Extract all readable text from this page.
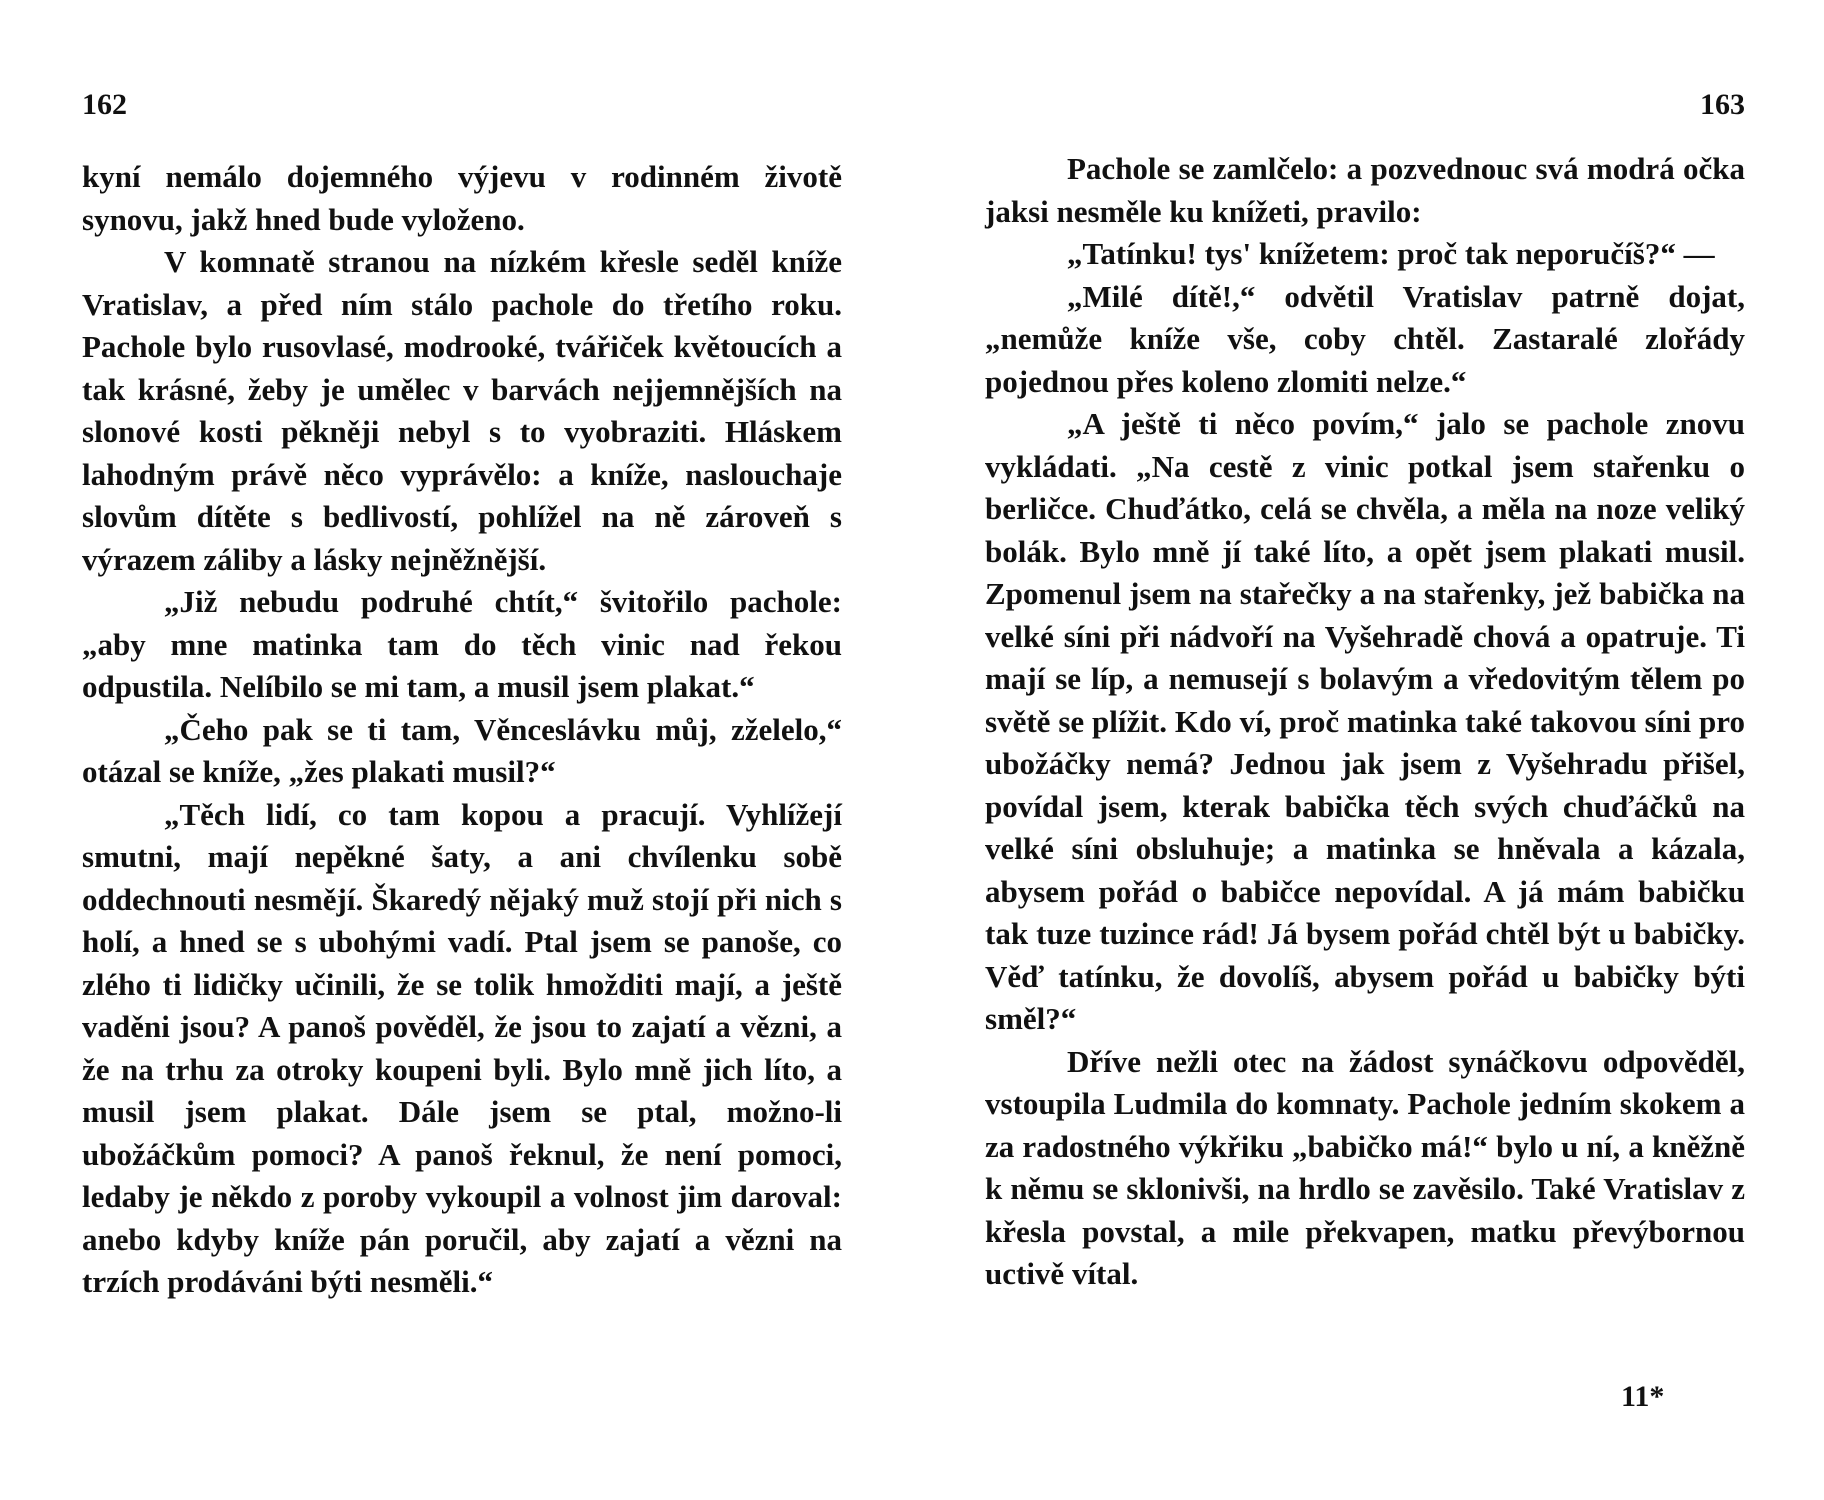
162

kyní nemálo dojemného výjevu v rodinném životě synovu, jakž hned bude vyloženo.

V komnatě stranou na nízkém křesle seděl kníže Vratislav, a před ním stálo pachole do třetího roku. Pachole bylo rusovlasé, modrooké, tvářiček květoucích a tak krásné, žeby je umělec v barvách nejjemnějších na slonové kosti pěkněji nebyl s to vyobraziti. Hláskem lahodným právě něco vyprávělo: a kníže, naslouchaje slovům dítěte s bedlivostí, pohlížel na ně zároveň s výrazem záliby a lásky nejněžnější.

„Již nebudu podruhé chtít,“ švitořilo pachole: „aby mne matinka tam do těch vinic nad řekou odpustila. Nelíbilo se mi tam, a musil jsem plakat.“

„Čeho pak se ti tam, Věnceslávku můj, zželelo,“ otázal se kníže, „žes plakati musil?“

„Těch lidí, co tam kopou a pracují. Vyhlížejí smutni, mají nepěkné šaty, a ani chvílenku sobě oddechnouti nesmějí. Škaredý nějaký muž stojí při nich s holí, a hned se s ubohými vadí. Ptal jsem se panoše, co zlého ti lidičky učinili, že se tolik hmožditi mají, a ještě vaděni jsou? A panoš pověděl, že jsou to zajatí a vězni, a že na trhu za otroky koupeni byli. Bylo mně jich líto, a musil jsem plakat. Dále jsem se ptal, možno-li ubožáčkům pomoci? A panoš řeknul, že není pomoci, ledaby je někdo z poroby vykoupil a volnost jim daroval: anebo kdyby kníže pán poručil, aby zajatí a vězni na trzích prodáváni býti nesměli.“

163

Pachole se zamlčelo: a pozvednouc svá modrá očka jaksi nesměle ku knížeti, pravilo:

„Tatínku! tys' knížetem: proč tak neporučíš?“ —

„Milé dítě!,“ odvětil Vratislav patrně dojat, „nemůže kníže vše, coby chtěl. Zastaralé zlořády pojednou přes koleno zlomiti nelze.“

„A ještě ti něco povím,“ jalo se pachole znovu vykládati. „Na cestě z vinic potkal jsem stařenku o berličce. Chuďátko, celá se chvěla, a měla na noze veliký bolák. Bylo mně jí také líto, a opět jsem plakati musil. Zpomenul jsem na stařečky a na stařenky, jež babička na velké síni při nádvoří na Vyšehradě chová a opatruje. Ti mají se líp, a nemusejí s bolavým a vředovitým tělem po světě se plížit. Kdo ví, proč matinka také takovou síni pro ubožáčky nemá? Jednou jak jsem z Vyšehradu přišel, povídal jsem, kterak babička těch svých chuďáčků na velké síni obsluhuje; a matinka se hněvala a kázala, abysem pořád o babičce nepovídal. A já mám babičku tak tuze tuzince rád! Já bysem pořád chtěl být u babičky. Věď tatínku, že dovolíš, abysem pořád u babičky býti směl?“

Dříve nežli otec na žádost synáčkovu odpověděl, vstoupila Ludmila do komnaty. Pachole jedním skokem a za radostného výkřiku „babičko má!“ bylo u ní, a kněžně k němu se sklonivši, na hrdlo se zavěsilo. Také Vratislav z křesla povstal, a mile překvapen, matku převýbornou uctivě vítal.

11*
